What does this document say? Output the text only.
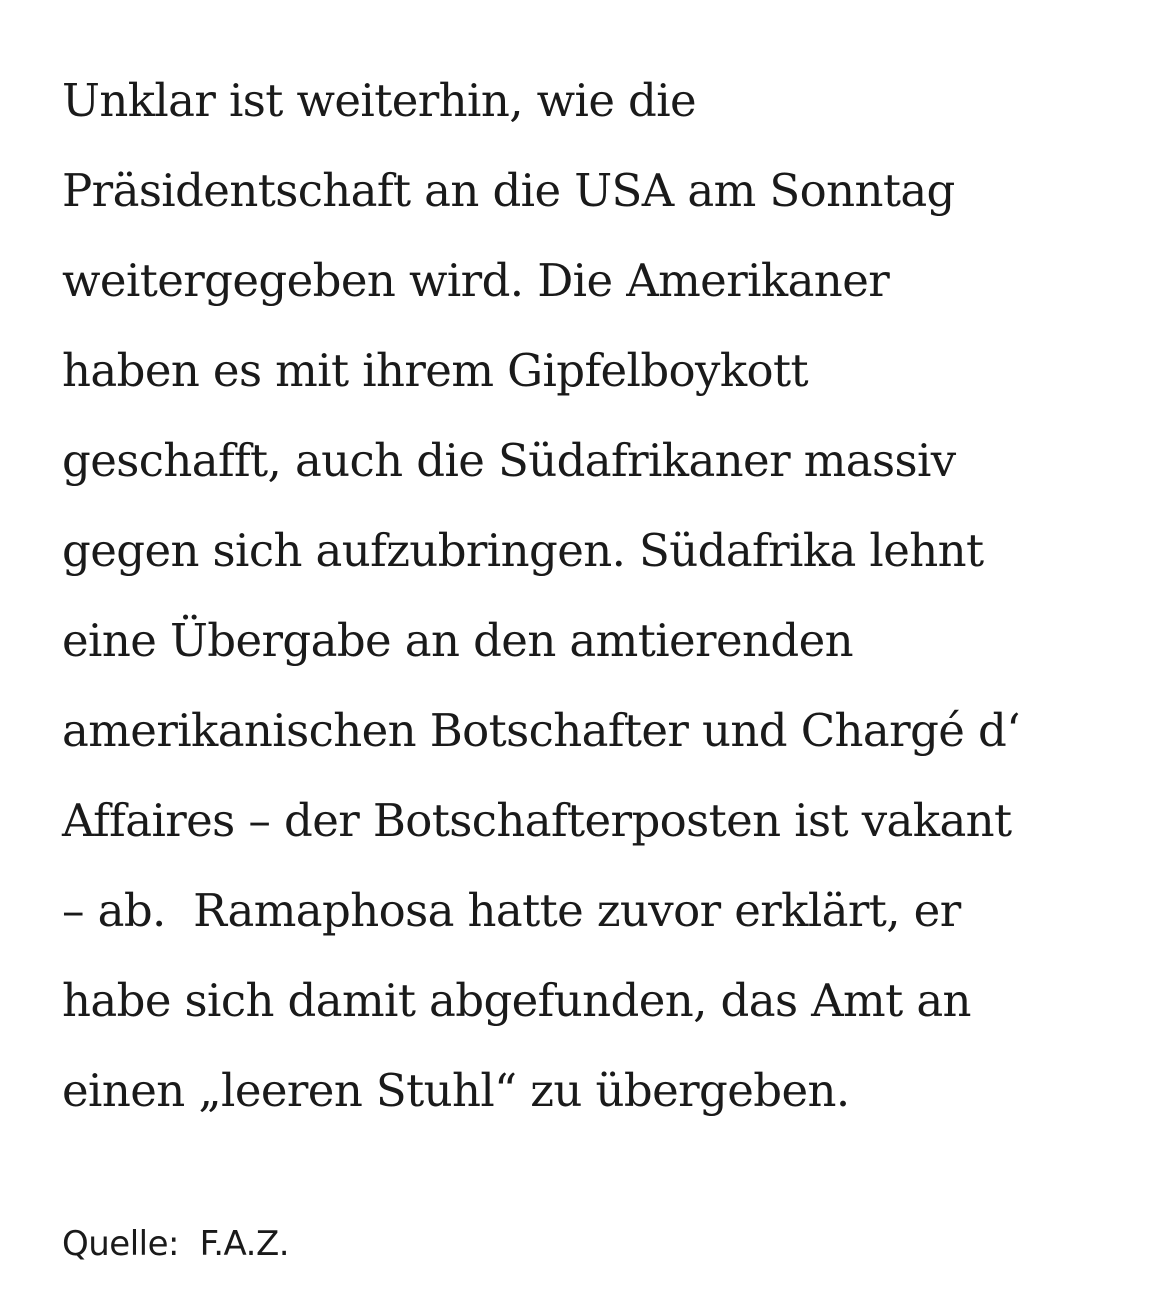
Unklar ist weiterhin, wie die
Präsidentschaft an die USA am Sonntag
weitergegeben wird. Die Amerikaner
haben es mit ihrem Gipfelboykott
geschafft, auch die Südafrikaner massiv
gegen sich aufzubringen. Südafrika lehnt
eine Übergabe an den amtierenden
amerikanischen Botschafter und Chargé d‘
Affaires – der Botschafterposten ist vakant
– ab.  Ramaphosa hatte zuvor erklärt, er
habe sich damit abgefunden, das Amt an
einen „leeren Stuhl“ zu übergeben.
Quelle:  F.A.Z.
